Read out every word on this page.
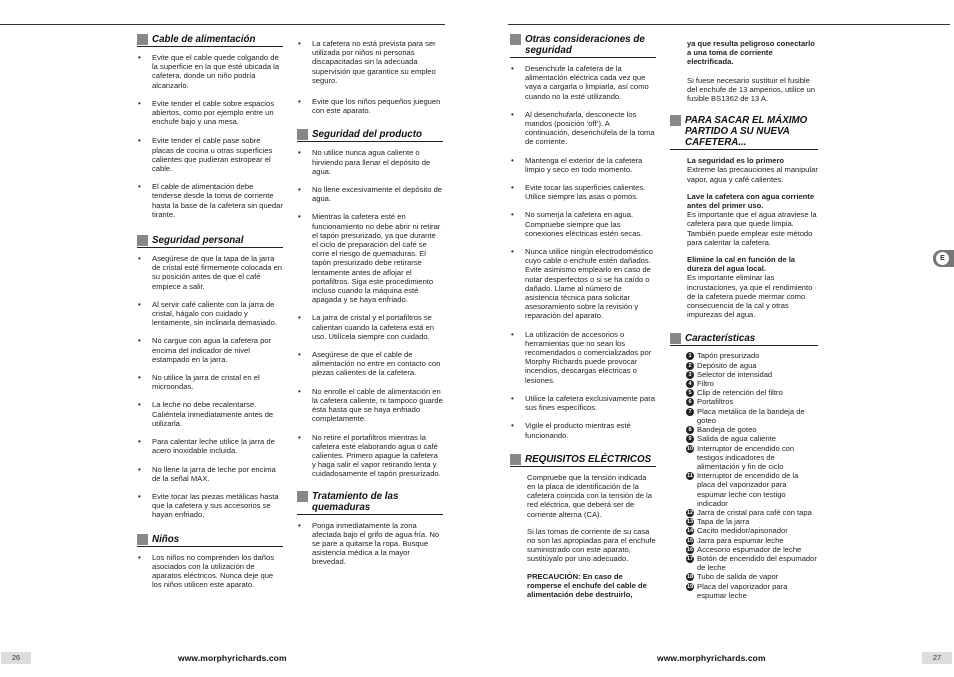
Cable de alimentación
• Evite que el cable quede colgando de la superficie en la que esté ubicada la cafetera, donde un niño podría alcanzarlo.
• Evite tender el cable sobre espacios abiertos, como por ejemplo entre un enchufe bajo y una mesa.
• Evite tender el cable pase sobre placas de cocina u otras superficies calientes que pudieran estropear el cable.
• El cable de alimentación debe tenderse desde la toma de corriente hasta la base de la cafetera sin quedar tirante.
Seguridad personal
• Asegúrese de que la tapa de la jarra de cristal esté firmemente colocada en su posición antes de que el café empiece a salir.
• Al servir café caliente con la jarra de cristal, hágalo con cuidado y lentamente, sin inclinarla demasiado.
• No cargue con agua la cafetera por encima del indicador de nivel estampado en la jarra.
• No utilice la jarra de cristal en el microondas.
• La leche no debe recalentarse. Caliéntela inmediatamente antes de utilizarla.
• Para calentar leche utilice la jarra de acero inoxidable incluida.
• No llene la jarra de leche por encima de la señal MAX.
• Evite tocar las piezas metálicas hasta que la cafetera y sus accesorios se hayan enfriado.
Niños
• Los niños no comprenden los daños asociados con la utilización de aparatos eléctricos. Nunca deje que los niños utilicen este aparato.
• La cafetera no está prevista para ser utilizada por niños ni personas discapacitadas sin la adecuada supervisión que garantice su empleo seguro.
• Evite que los niños pequeños jueguen con este aparato.
Seguridad del producto
• No utilice nunca agua caliente o hirviendo para llenar el depósito de agua.
• No llene excesivamente el depósito de agua.
• Mientras la cafetera esté en funcionamiento no debe abrir ni retirar el tapón presurizado, ya que durante el ciclo de preparación del café se corre el riesgo de quemaduras. El tapón presurizado debe retirarse lentamente antes de aflojar el portafiltros. Siga este procedimiento incluso cuando la máquina esté apagada y se haya enfriado.
• La jarra de cristal y el portafiltros se calientan cuando la cafetera está en uso. Utilícela siempre con cuidado.
• Asegúrese de que el cable de alimentación no entre en contacto con piezas calientes de la cafetera.
• No enrolle el cable de alimentación en la cafetera caliente, ni tampoco guarde ésta hasta que se haya enfriado completamente.
• No retire el portafiltros mientras la cafetera esté elaborando agua o café calientes. Primero apague la cafetera y haga salir el vapor retirando lenta y cuidadosamente el tapón presurizado.
Tratamiento de las quemaduras
• Ponga inmediatamente la zona afectada bajo el grifo de agua fría. No se pare a quitarse la ropa. Busque asistencia médica a la mayor brevedad.
Otras consideraciones de seguridad
• Desenchufe la cafetera de la alimentación eléctrica cada vez que vaya a cargarla o limpiarla, así como cuando no la esté utilizando.
• Al desenchufarla, desconecte los mandos (posición ‘off’). A continuación, desenchúfela de la toma de corriente.
• Mantenga el exterior de la cafetera limpio y seco en todo momento.
• Evite tocar las superficies calientes. Utilice siempre las asas o pomos.
• No sumerja la cafetera en agua. Compruebe siempre que las conexiones eléctricas estén secas.
• Nunca utilice ningún electrodoméstico cuyo cable o enchufe estén dañados. Evite asimismo emplearlo en caso de notar desperfectos o si se ha caído o dañado. Llame al número de asistencia técnica para solicitar asesoramiento sobre la revisión y reparación del aparato.
• La utilización de accesorios o herramientas que no sean los recomendados o comercializados por Morphy Richards puede provocar incendios, descargas eléctricas o lesiones.
• Utilice la cafetera exclusivamente para sus fines específicos.
• Vigile el producto mientras esté funcionando.
REQUISITOS ELÉCTRICOS

Compruebe que la tensión indicada en la placa de identificación de la cafetera coincida con la tensión de la red eléctrica, que deberá ser de corriente alterna (CA).

Si las tomas de corriente de su casa no son las apropiadas para el enchufe suministrado con este aparato, sustitúyalo por uno adecuado.

PRECAUCIÓN: En caso de romperse el enchufe del cable de alimentación debe destruirlo,

ya que resulta peligroso conectarlo a una toma de corriente electrificada.

Si fuese necesario sustituir el fusible del enchufe de 13 amperios, utilice un fusible BS1362 de 13 A.

PARA SACAR EL MÁXIMO PARTIDO A SU NUEVA CAFETERA...

La seguridad es lo primero
Extreme las precauciones al manipular vapor, agua y café calientes.

Lave la cafetera con agua corriente antes del primer uso.
Es importante que el agua atraviese la cafetera para que quede limpia. También puede emplear este método para calentar la cafetera.

Elimine la cal en función de la dureza del agua local.
Es importante eliminar las incrustaciones, ya que el rendimiento de la cafetera puede mermar como consecuencia de la cal y otras impurezas del agua.

Características
1 Tapón presurizado
2 Depósito de agua
3 Selector de intensidad
4 Filtro
5 Clip de retención del filtro
6 Portafiltros
7 Placa metálica de la bandeja de goteo
8 Bandeja de goteo
9 Salida de agua caliente
10 Interruptor de encendido con testigos indicadores de alimentación y fin de ciclo
11 Interruptor de encendido de la placa del vaporizador para espumar leche con testigo indicador
12 Jarra de cristal para café con tapa
13 Tapa de la jarra
14 Cacito medidor/apisonador
15 Jarra para espumar leche
16 Accesorio espumador de leche
17 Botón de encendido del espumador de leche
18 Tubo de salida de vapor
19 Placa del vaporizador para espumar leche
E
26	www.morphyrichards.com	www.morphyrichards.com	27
